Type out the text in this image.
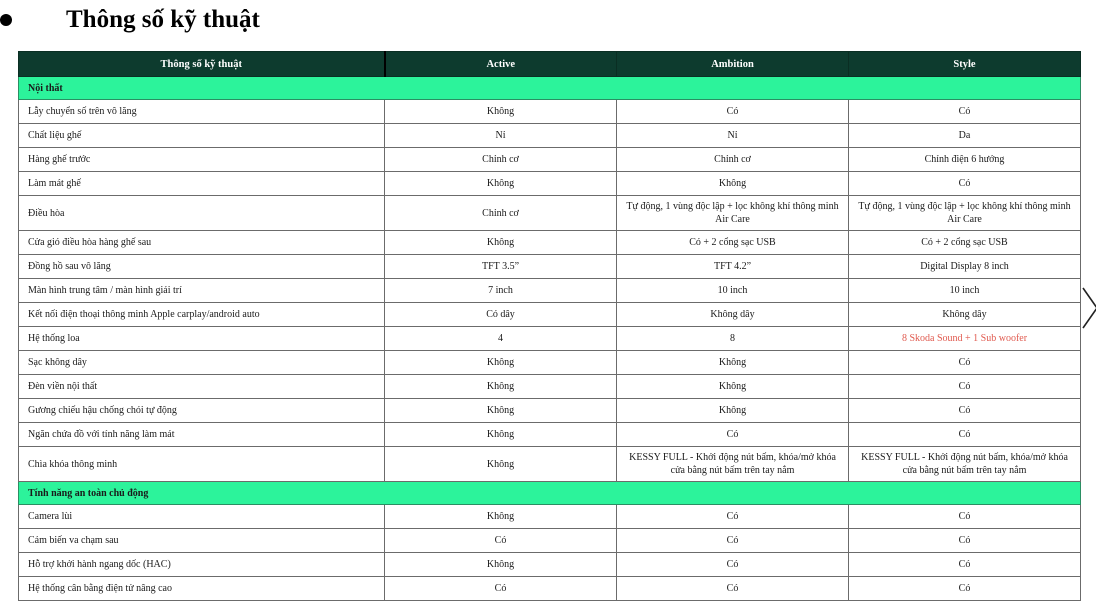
Thông số kỹ thuật
Thông số kỹ thuật	Active	Ambition	Style
Nội thất			
Lẫy chuyển số trên vô lăng	Không	Có	Có
Chất liệu ghế	Nỉ	Nỉ	Da
Hàng ghế trước	Chỉnh cơ	Chỉnh cơ	Chỉnh điện 6 hướng
Làm mát ghế	Không	Không	Có
Điều hòa	Chỉnh cơ	Tự động, 1 vùng độc lập + lọc không khí thông minh Air Care	Tự động, 1 vùng độc lập + lọc không khí thông minh Air Care
Cửa gió điều hòa hàng ghế sau	Không	Có + 2 cổng sạc USB	Có + 2 cổng sạc USB
Đồng hồ sau vô lăng	TFT 3.5”	TFT 4.2”	Digital Display 8 inch
Màn hình trung tâm / màn hình giải trí	7 inch	10 inch	10 inch
Kết nối điện thoại thông minh Apple carplay/android auto	Có dây	Không dây	Không dây
Hệ thống loa	4	8	8 Skoda Sound + 1 Sub woofer
Sạc không dây	Không	Không	Có
Đèn viền nội thất	Không	Không	Có
Gương chiếu hậu chống chói tự động	Không	Không	Có
Ngăn chứa đồ với tính năng làm mát	Không	Có	Có
Chìa khóa thông minh	Không	KESSY FULL - Khởi động nút bấm, khóa/mở khóa cửa bằng nút bấm trên tay nắm	KESSY FULL - Khởi động nút bấm, khóa/mở khóa cửa bằng nút bấm trên tay nắm
Tính năng an toàn chủ động			
Camera lùi	Không	Có	Có
Cảm biến va chạm sau	Có	Có	Có
Hỗ trợ khởi hành ngang dốc (HAC)	Không	Có	Có
Hệ thống cân bằng điện tử nâng cao	Có	Có	Có
